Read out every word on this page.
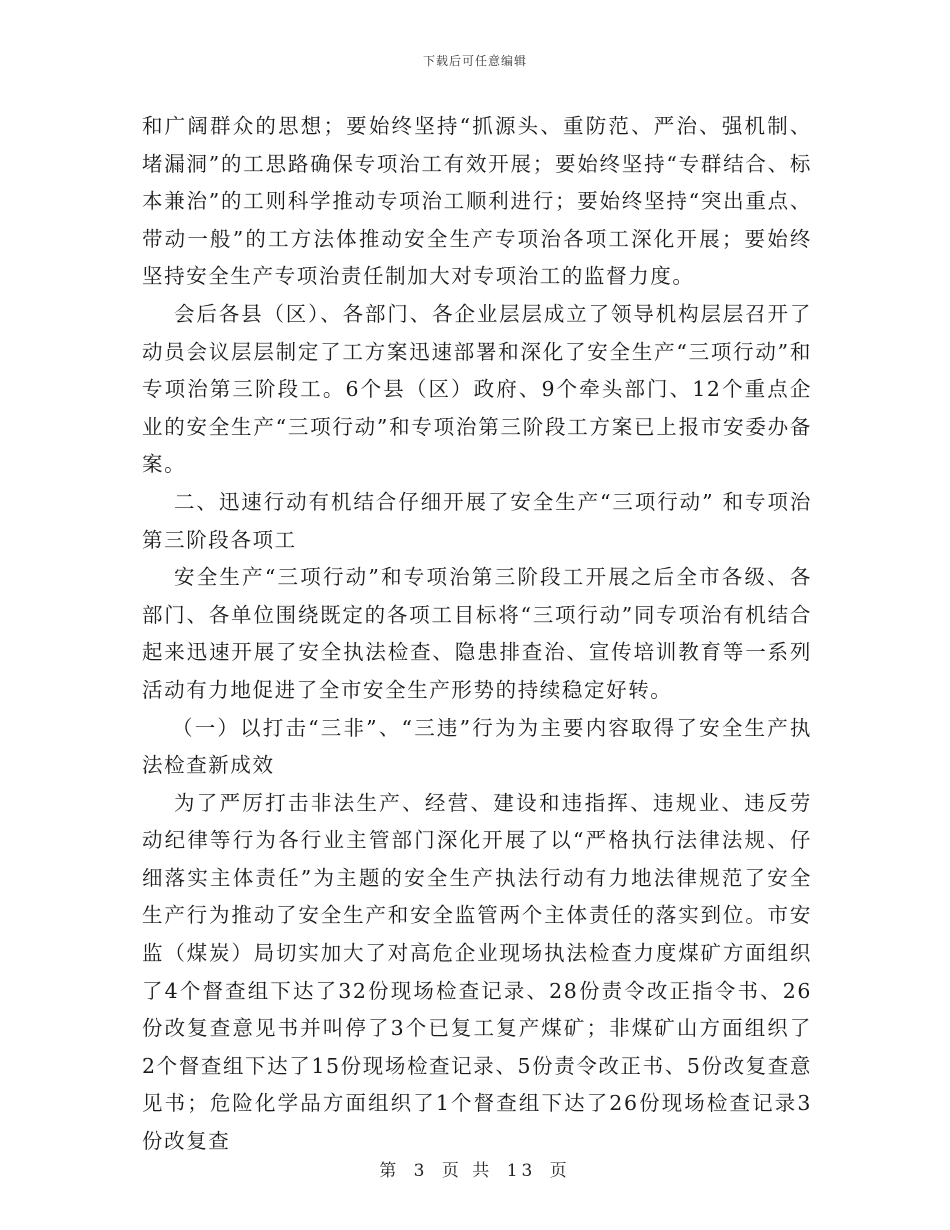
下载后可任意编辑

和广阔群众的思想；要始终坚持“抓源头、重防范、严治、强机制、堵漏洞”的工思路确保专项治工有效开展；要始终坚持“专群结合、标本兼治”的工则科学推动专项治工顺利进行；要始终坚持“突出重点、带动一般”的工方法体推动安全生产专项治各项工深化开展；要始终坚持安全生产专项治责任制加大对专项治工的监督力度。

会后各县（区）、各部门、各企业层层成立了领导机构层层召开了动员会议层层制定了工方案迅速部署和深化了安全生产“三项行动”和专项治第三阶段工。6个县（区）政府、9个牵头部门、12个重点企业的安全生产“三项行动”和专项治第三阶段工方案已上报市安委办备案。

二、迅速行动有机结合仔细开展了安全生产“三项行动” 和专项治第三阶段各项工

安全生产“三项行动”和专项治第三阶段工开展之后全市各级、各部门、各单位围绕既定的各项工目标将“三项行动”同专项治有机结合起来迅速开展了安全执法检查、隐患排查治、宣传培训教育等一系列活动有力地促进了全市安全生产形势的持续稳定好转。

（一）以打击“三非”、“三违”行为为主要内容取得了安全生产执法检查新成效

为了严厉打击非法生产、经营、建设和违指挥、违规业、违反劳动纪律等行为各行业主管部门深化开展了以“严格执行法律法规、仔细落实主体责任”为主题的安全生产执法行动有力地法律规范了安全生产行为推动了安全生产和安全监管两个主体责任的落实到位。市安监（煤炭）局切实加大了对高危企业现场执法检查力度煤矿方面组织了4个督查组下达了32份现场检查记录、28份责令改正指令书、26份改复查意见书并叫停了3个已复工复产煤矿；非煤矿山方面组织了2个督查组下达了15份现场检查记录、5份责令改正书、5份改复查意见书；危险化学品方面组织了1个督查组下达了26份现场检查记录3份改复查

第 3 页 共 13 页
